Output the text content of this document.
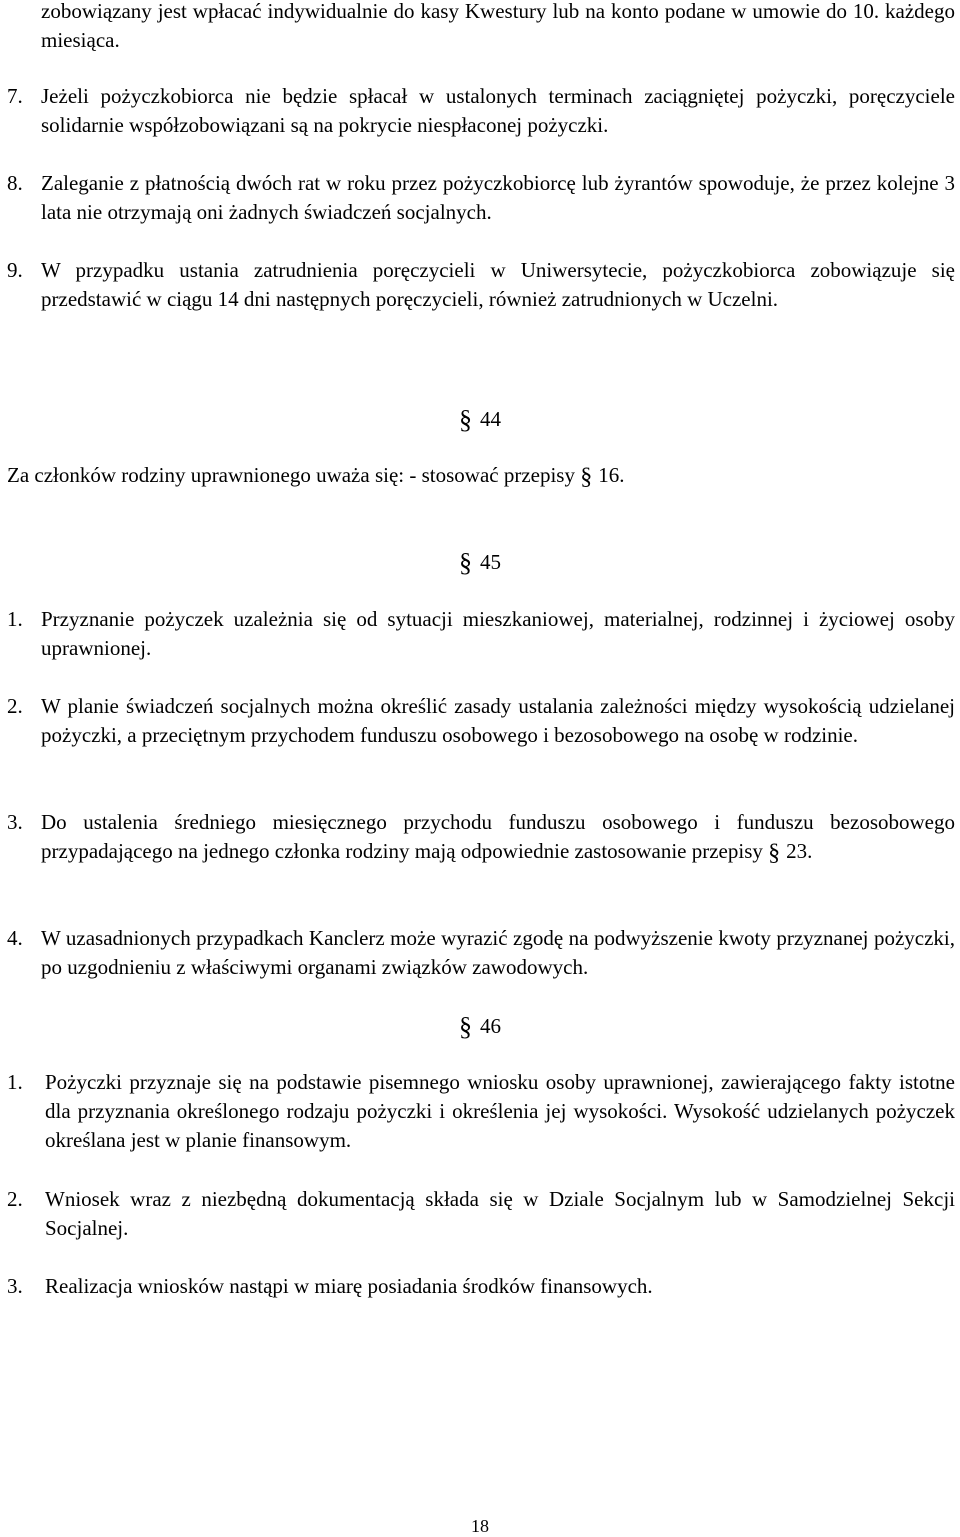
zobowiązany jest wpłacać indywidualnie do kasy Kwestury lub na konto podane w umowie do 10. każdego miesiąca.
7. Jeżeli pożyczkobiorca nie będzie spłacał w ustalonych terminach zaciągniętej pożyczki, poręczyciele solidarnie współzobowiązani są na pokrycie niespłaconej pożyczki.
8. Zaleganie z płatnością dwóch rat w roku przez pożyczkobiorcę lub żyrantów spowoduje, że przez kolejne 3 lata nie otrzymają oni żadnych świadczeń socjalnych.
9. W przypadku ustania zatrudnienia poręczycieli w Uniwersytecie, pożyczkobiorca zobowiązuje się przedstawić w ciągu 14 dni następnych poręczycieli, również zatrudnionych w Uczelni.
§ 44
Za członków rodziny uprawnionego uważa się: - stosować przepisy § 16.
§ 45
1. Przyznanie pożyczek uzależnia się od sytuacji mieszkaniowej, materialnej, rodzinnej i życiowej osoby uprawnionej.
2. W planie świadczeń socjalnych można określić zasady ustalania zależności między wysokością udzielanej pożyczki, a przeciętnym przychodem funduszu osobowego i bezosobowego na osobę w rodzinie.
3. Do ustalenia średniego miesięcznego przychodu funduszu osobowego i funduszu bezosobowego przypadającego na jednego członka rodziny mają odpowiednie zastosowanie przepisy § 23.
4. W uzasadnionych przypadkach Kanclerz może wyrazić zgodę na podwyższenie kwoty przyznanej pożyczki, po uzgodnieniu z właściwymi organami związków zawodowych.
§ 46
1. Pożyczki przyznaje się na podstawie pisemnego wniosku osoby uprawnionej, zawierającego fakty istotne dla przyznania określonego rodzaju pożyczki i określenia jej wysokości. Wysokość udzielanych pożyczek określana jest w planie finansowym.
2. Wniosek wraz z niezbędną dokumentacją składa się w Dziale Socjalnym lub w Samodzielnej Sekcji Socjalnej.
3. Realizacja wniosków nastąpi w miarę posiadania środków finansowych.
18
